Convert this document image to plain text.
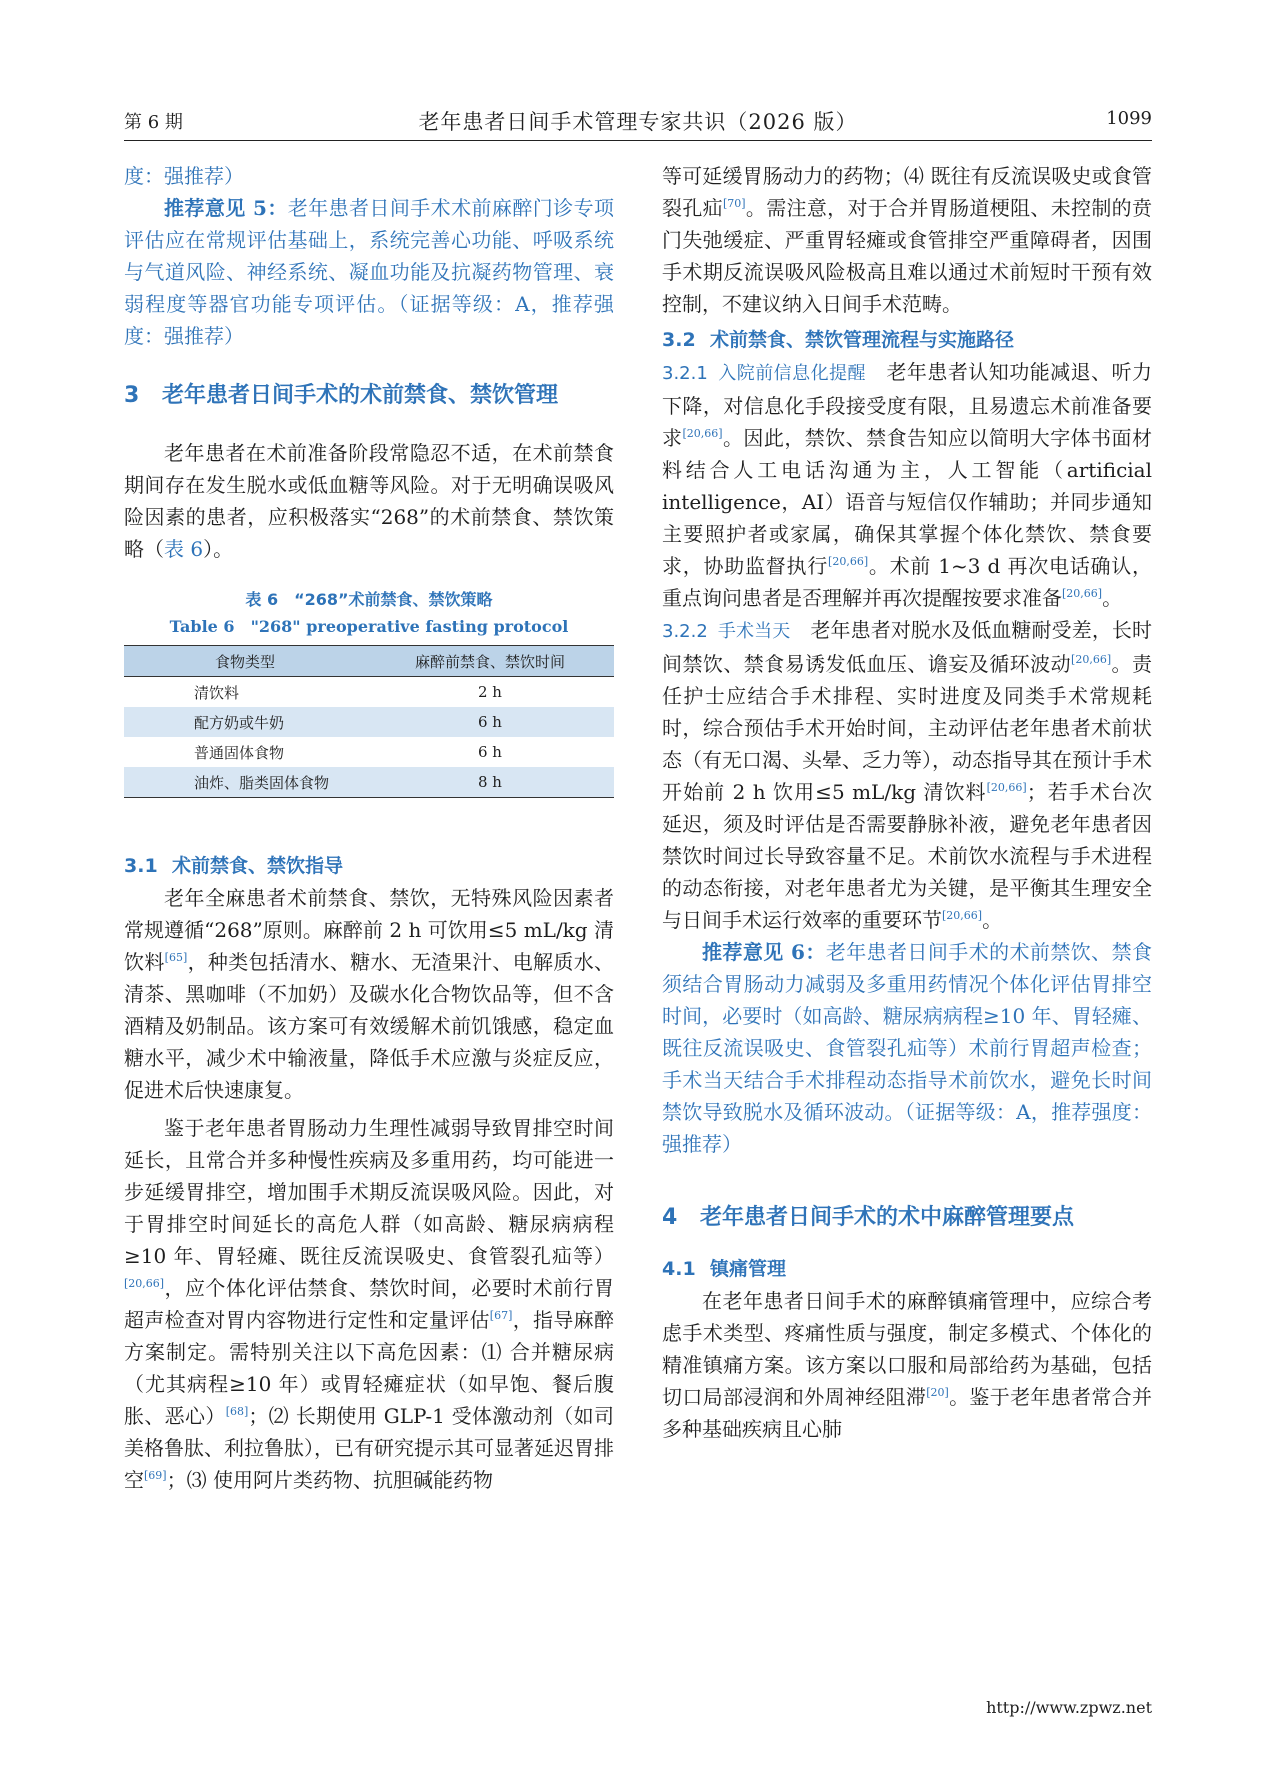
第 6 期	老年患者日间手术管理专家共识（2026 版）	1099
度：强推荐）
推荐意见 5：老年患者日间手术术前麻醉门诊专项评估应在常规评估基础上，系统完善心功能、呼吸系统与气道风险、神经系统、凝血功能及抗凝药物管理、衰弱程度等器官功能专项评估。（证据等级：A，推荐强度：强推荐）
3 老年患者日间手术的术前禁食、禁饮管理

老年患者在术前准备阶段常隐忍不适，在术前禁食期间存在发生脱水或低血糖等风险。对于无明确误吸风险因素的患者，应积极落实“268”的术前禁食、禁饮策略（表 6）。

表 6　“268”术前禁食、禁饮策略

Table 6　"268" preoperative fasting protocol

食物类型	麻醉前禁食、禁饮时间
清饮料	2 h
配方奶或牛奶	6 h
普通固体食物	6 h
油炸、脂类固体食物	8 h
3.1 术前禁食、禁饮指导

老年全麻患者术前禁食、禁饮，无特殊风险因素者常规遵循“268”原则。麻醉前 2 h 可饮用≤5 mL/kg 清饮料[65]，种类包括清水、糖水、无渣果汁、电解质水、清茶、黑咖啡（不加奶）及碳水化合物饮品等，但不含酒精及奶制品。该方案可有效缓解术前饥饿感，稳定血糖水平，减少术中输液量，降低手术应激与炎症反应，促进术后快速康复。

鉴于老年患者胃肠动力生理性减弱导致胃排空时间延长，且常合并多种慢性疾病及多重用药，均可能进一步延缓胃排空，增加围手术期反流误吸风险。因此，对于胃排空时间延长的高危人群（如高龄、糖尿病病程≥10 年、胃轻瘫、既往反流误吸史、食管裂孔疝等）[20,66]，应个体化评估禁食、禁饮时间，必要时术前行胃超声检查对胃内容物进行定性和定量评估[67]，指导麻醉方案制定。需特别关注以下高危因素：⑴ 合并糖尿病（尤其病程≥10 年）或胃轻瘫症状（如早饱、餐后腹胀、恶心）[68]；⑵ 长期使用 GLP-1 受体激动剂（如司美格鲁肽、利拉鲁肽），已有研究提示其可显著延迟胃排空[69]；⑶ 使用阿片类药物、抗胆碱能药物

等可延缓胃肠动力的药物；⑷ 既往有反流误吸史或食管裂孔疝[70]。需注意，对于合并胃肠道梗阻、未控制的贲门失弛缓症、严重胃轻瘫或食管排空严重障碍者，因围手术期反流误吸风险极高且难以通过术前短时干预有效控制，不建议纳入日间手术范畴。

3.2 术前禁食、禁饮管理流程与实施路径

3.2.1 入院前信息化提醒　 老年患者认知功能减退、听力下降，对信息化手段接受度有限，且易遗忘术前准备要求[20,66]。因此，禁饮、禁食告知应以简明大字体书面材料结合人工电话沟通为主，人工智能（artificial intelligence，AI）语音与短信仅作辅助；并同步通知主要照护者或家属，确保其掌握个体化禁饮、禁食要求，协助监督执行[20,66]。术前 1~3 d 再次电话确认，重点询问患者是否理解并再次提醒按要求准备[20,66]。

3.2.2 手术当天　 老年患者对脱水及低血糖耐受差，长时间禁饮、禁食易诱发低血压、谵妄及循环波动[20,66]。责任护士应结合手术排程、实时进度及同类手术常规耗时，综合预估手术开始时间，主动评估老年患者术前状态（有无口渴、头晕、乏力等），动态指导其在预计手术开始前 2 h 饮用≤5 mL/kg 清饮料[20,66]；若手术台次延迟，须及时评估是否需要静脉补液，避免老年患者因禁饮时间过长导致容量不足。术前饮水流程与手术进程的动态衔接，对老年患者尤为关键，是平衡其生理安全与日间手术运行效率的重要环节[20,66]。

推荐意见 6：老年患者日间手术的术前禁饮、禁食须结合胃肠动力减弱及多重用药情况个体化评估胃排空时间，必要时（如高龄、糖尿病病程≥10 年、胃轻瘫、既往反流误吸史、食管裂孔疝等）术前行胃超声检查；手术当天结合手术排程动态指导术前饮水，避免长时间禁饮导致脱水及循环波动。（证据等级：A，推荐强度：强推荐）
4 老年患者日间手术的术中麻醉管理要点
4.1 镇痛管理

在老年患者日间手术的麻醉镇痛管理中，应综合考虑手术类型、疼痛性质与强度，制定多模式、个体化的精准镇痛方案。该方案以口服和局部给药为基础，包括切口局部浸润和外周神经阻滞[20]。鉴于老年患者常合并多种基础疾病且心肺

http://www.zpwz.net
